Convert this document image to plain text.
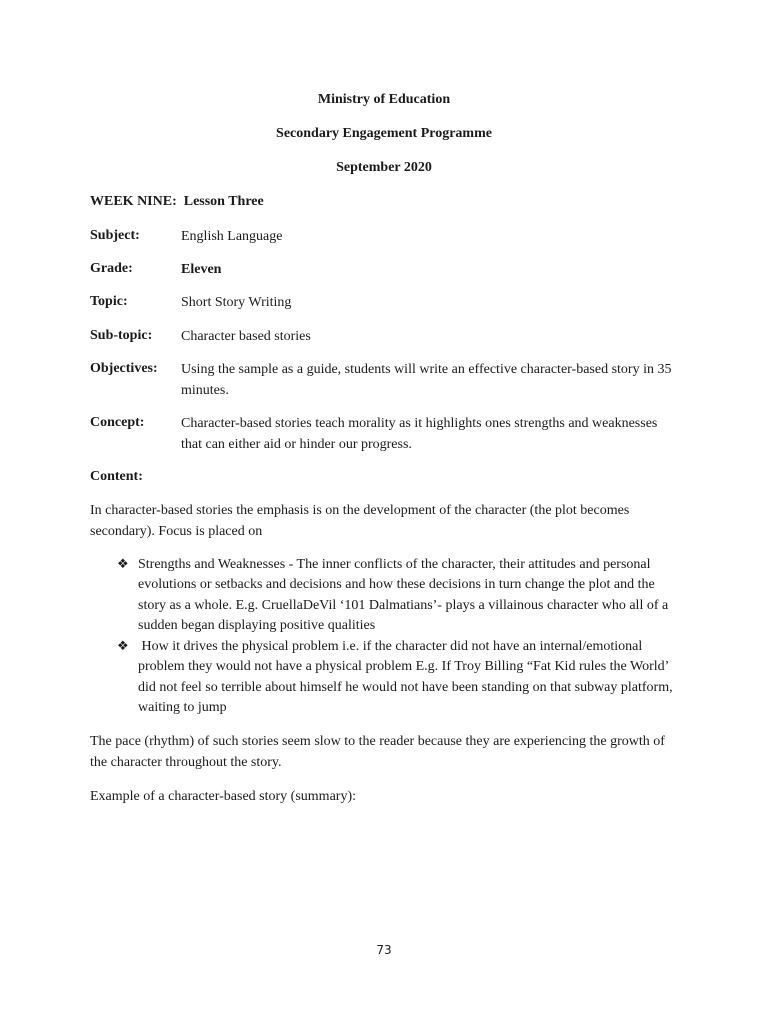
Ministry of Education
Secondary Engagement Programme
September 2020
WEEK NINE:  Lesson Three
Subject:	English Language
Grade:	Eleven
Topic:	Short Story Writing
Sub-topic: Character based stories
Objectives: Using the sample as a guide, students will write an effective character-based story in 35 minutes.
Concept:	Character-based stories teach morality as it highlights ones strengths and weaknesses that can either aid or hinder our progress.
Content:
In character-based stories the emphasis is on the development of the character (the plot becomes secondary). Focus is placed on
❖ Strengths and Weaknesses - The inner conflicts of the character, their attitudes and personal evolutions or setbacks and decisions and how these decisions in turn change the plot and the story as a whole. E.g. CruellaDeVil ‘101 Dalmatians’- plays a villainous character who all of a sudden began displaying positive qualities
❖ How it drives the physical problem i.e. if the character did not have an internal/emotional problem they would not have a physical problem E.g. If Troy Billing “Fat Kid rules the World’ did not feel so terrible about himself he would not have been standing on that subway platform, waiting to jump
The pace (rhythm) of such stories seem slow to the reader because they are experiencing the growth of the character throughout the story.
Example of a character-based story (summary):
73
